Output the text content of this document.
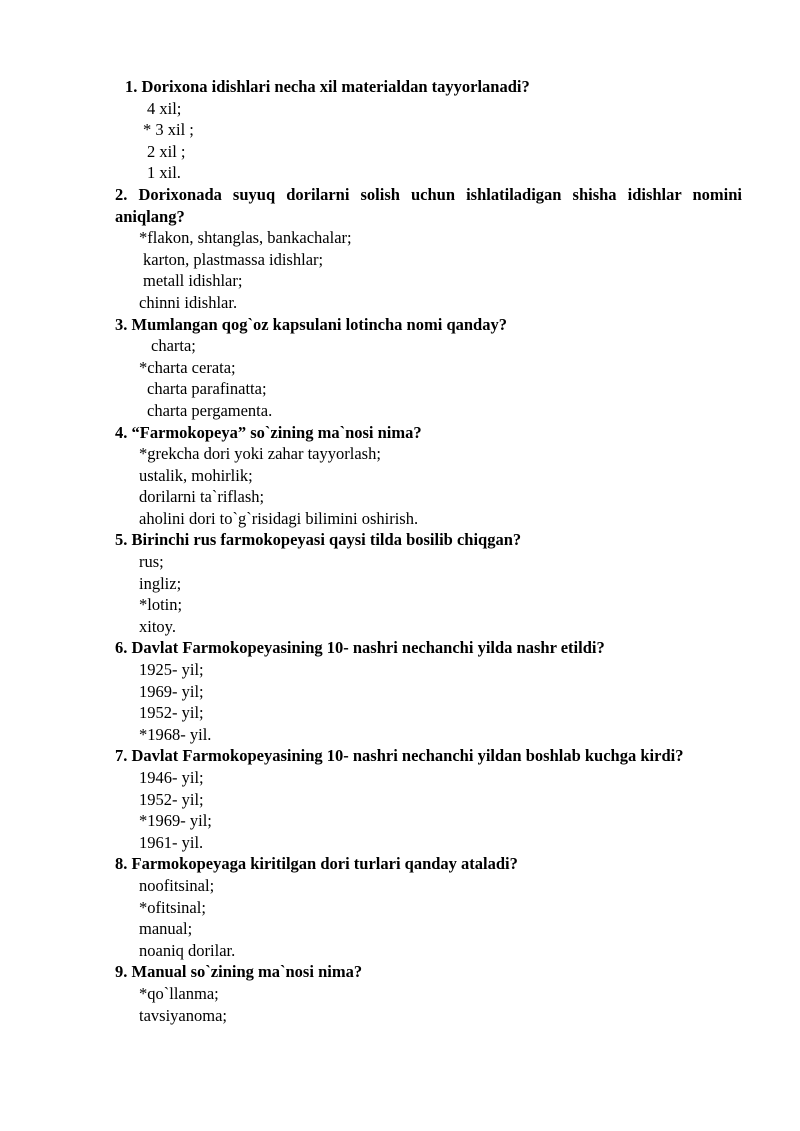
1. Dorixona idishlari necha xil materialdan tayyorlanadi?

4 xil;

* 3 xil ;

2 xil ;

1 xil.

2. Dorixonada suyuq dorilarni solish uchun ishlatiladigan shisha idishlar nomini aniqlang?

*flakon, shtanglas, bankachalar;

karton, plastmassa idishlar;

metall idishlar;

chinni idishlar.

3. Mumlangan qog`oz kapsulani lotincha nomi qanday?

charta;

*charta cerata;

charta parafinatta;

charta pergamenta.

4. “Farmokopeya” so`zining ma`nosi nima?

*grekcha dori yoki zahar tayyorlash;

ustalik, mohirlik;

dorilarni ta`riflash;

aholini dori to`g`risidagi bilimini oshirish.

5. Birinchi rus farmokopeyasi qaysi tilda bosilib chiqgan?

rus;

ingliz;

*lotin;

xitoy.

6. Davlat Farmokopeyasining 10- nashri nechanchi yilda nashr etildi?

1925- yil;

1969- yil;

1952- yil;

*1968- yil.

7. Davlat Farmokopeyasining 10- nashri nechanchi yildan boshlab kuchga kirdi?

1946- yil;

1952- yil;

*1969- yil;

1961- yil.

8. Farmokopeyaga kiritilgan dori turlari qanday ataladi?

noofitsinal;

*ofitsinal;

manual;

noaniq dorilar.

9. Manual so`zining ma`nosi nima?

*qo`llanma;

tavsiyanoma;
